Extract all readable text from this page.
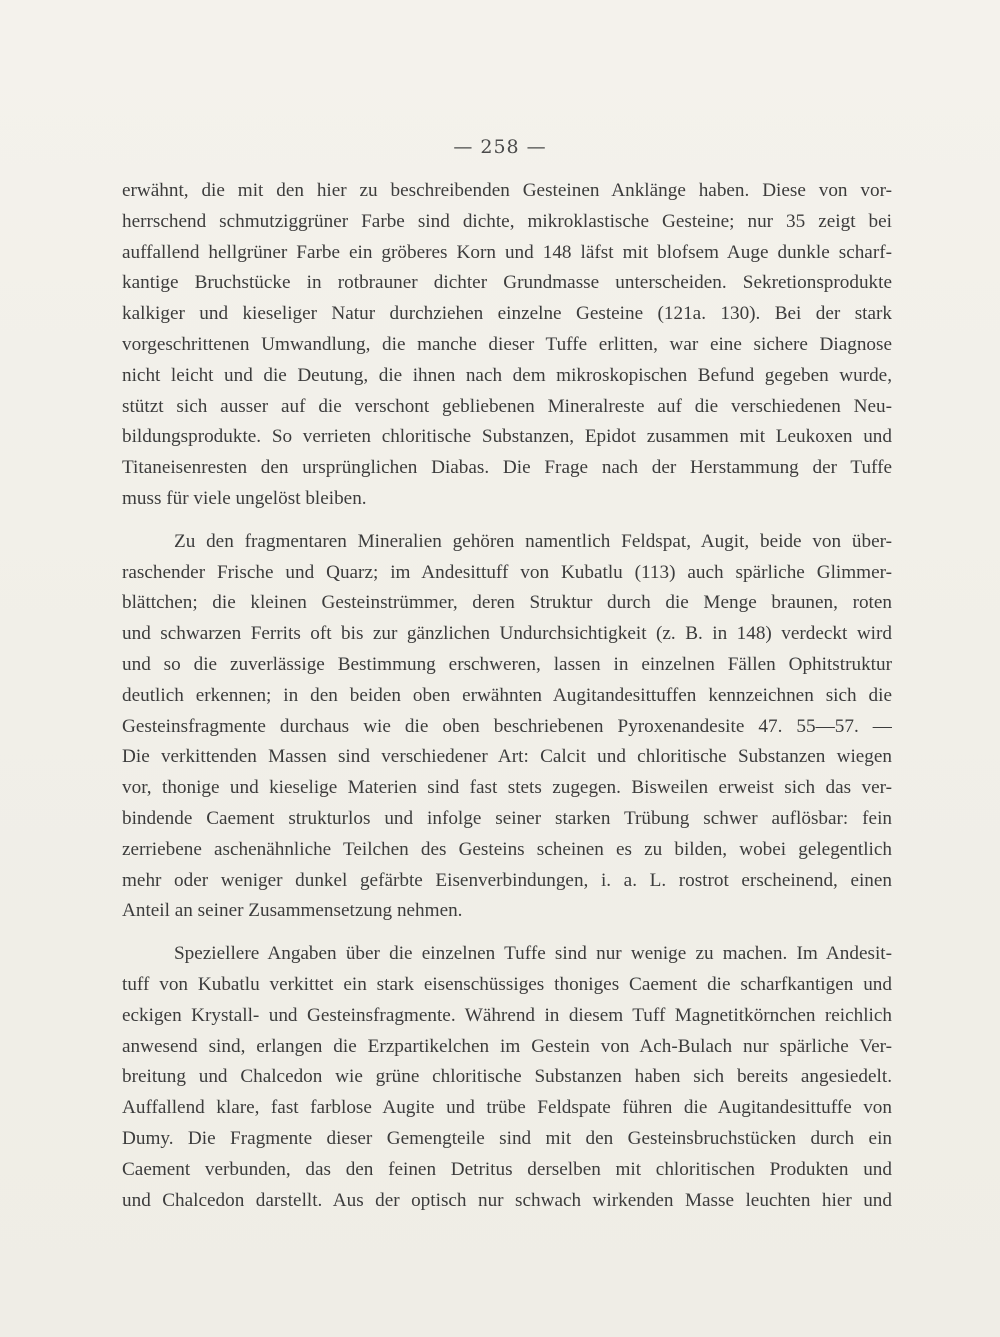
— 258 —
erwähnt, die mit den hier zu beschreibenden Gesteinen Anklänge haben. Diese von vor-
herrschend schmutziggrüner Farbe sind dichte, mikroklastische Gesteine; nur 35 zeigt bei
auffallend hellgrüner Farbe ein gröberes Korn und 148 läfst mit blofsem Auge dunkle scharf-
kantige Bruchstücke in rotbrauner dichter Grundmasse unterscheiden. Sekretionsprodukte
kalkiger und kieseliger Natur durchziehen einzelne Gesteine (121a. 130). Bei der stark
vorgeschrittenen Umwandlung, die manche dieser Tuffe erlitten, war eine sichere Diagnose
nicht leicht und die Deutung, die ihnen nach dem mikroskopischen Befund gegeben wurde,
stützt sich ausser auf die verschont gebliebenen Mineralreste auf die verschiedenen Neu-
bildungsprodukte. So verrieten chloritische Substanzen, Epidot zusammen mit Leukoxen und
Titaneisenresten den ursprünglichen Diabas. Die Frage nach der Herstammung der Tuffe
muss für viele ungelöst bleiben.
Zu den fragmentaren Mineralien gehören namentlich Feldspat, Augit, beide von über-
raschender Frische und Quarz; im Andesittuff von Kubatlu (113) auch spärliche Glimmer-
blättchen; die kleinen Gesteinstrümmer, deren Struktur durch die Menge braunen, roten
und schwarzen Ferrits oft bis zur gänzlichen Undurchsichtigkeit (z. B. in 148) verdeckt wird
und so die zuverlässige Bestimmung erschweren, lassen in einzelnen Fällen Ophitstruktur
deutlich erkennen; in den beiden oben erwähnten Augitandesittuffen kennzeichnen sich die
Gesteinsfragmente durchaus wie die oben beschriebenen Pyroxenandesite 47. 55—57. —
Die verkittenden Massen sind verschiedener Art: Calcit und chloritische Substanzen wiegen
vor, thonige und kieselige Materien sind fast stets zugegen. Bisweilen erweist sich das ver-
bindende Caement strukturlos und infolge seiner starken Trübung schwer auflösbar: fein
zerriebene aschenähnliche Teilchen des Gesteins scheinen es zu bilden, wobei gelegentlich
mehr oder weniger dunkel gefärbte Eisenverbindungen, i. a. L. rostrot erscheinend, einen
Anteil an seiner Zusammensetzung nehmen.
Speziellere Angaben über die einzelnen Tuffe sind nur wenige zu machen. Im Andesit-
tuff von Kubatlu verkittet ein stark eisenschüssiges thoniges Caement die scharfkantigen und
eckigen Krystall- und Gesteinsfragmente. Während in diesem Tuff Magnetitkörnchen reichlich
anwesend sind, erlangen die Erzpartikelchen im Gestein von Ach-Bulach nur spärliche Ver-
breitung und Chalcedon wie grüne chloritische Substanzen haben sich bereits angesiedelt.
Auffallend klare, fast farblose Augite und trübe Feldspate führen die Augitandesittuffe von
Dumy. Die Fragmente dieser Gemengteile sind mit den Gesteinsbruchstücken durch ein
Caement verbunden, das den feinen Detritus derselben mit chloritischen Produkten und
und Chalcedon darstellt. Aus der optisch nur schwach wirkenden Masse leuchten hier und
